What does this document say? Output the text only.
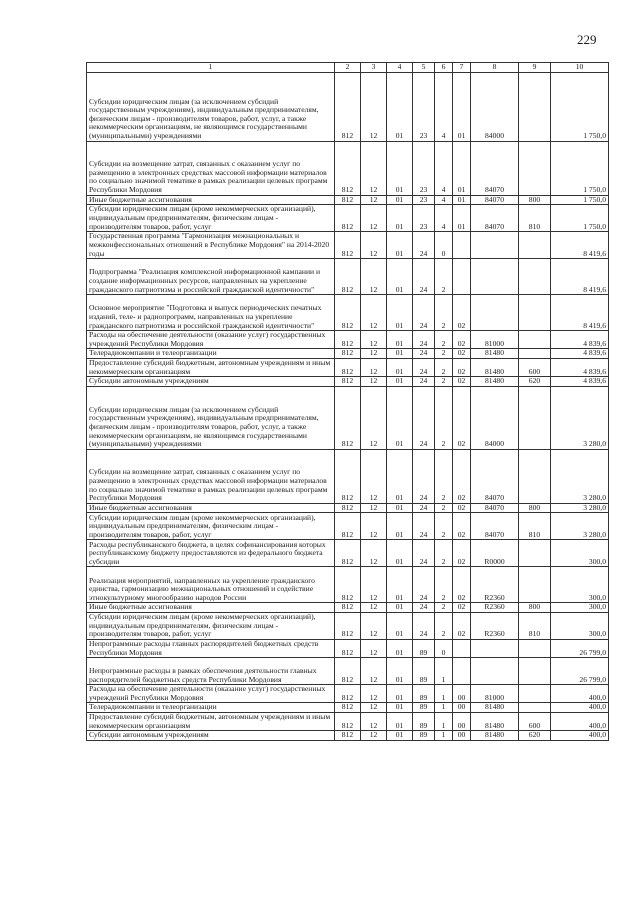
229
1	2	3	4	5	6	7	8	9	10
Субсидии юридическим лицам (за исключением субсидий государственным учреждениям), индивидуальным предпринимателям, физическим лицам - производителям товаров, работ, услуг, а также некоммерческим организациям, не являющимся государственными (муниципальными) учреждениями	812	12	01	23	4	01	84000		1 750,0
Субсидии на возмещение затрат, связанных с оказанием услуг по размещению в электронных средствах массовой информации материалов по социально значимой тематике в рамках реализации целевых программ Республики Мордовия	812	12	01	23	4	01	84070		1 750,0
Иные бюджетные ассигнования	812	12	01	23	4	01	84070	800	1 750,0
Субсидии юридическим лицам (кроме некоммерческих организаций), индивидуальным предпринимателям, физическим лицам - производителям товаров, работ, услуг	812	12	01	23	4	01	84070	810	1 750,0
Государственная программа "Гармонизация межнациональных и межконфессиональных отношений в Республике Мордовия" на 2014-2020 годы	812	12	01	24	0				8 419,6
Подпрограмма "Реализация комплексной информационной кампании и создание информационных ресурсов, направленных на укрепление гражданского патриотизма и российской гражданской идентичности"	812	12	01	24	2				8 419,6
Основное мероприятие "Подготовка и выпуск периодических печатных изданий, теле- и радиопрограмм, направленных на укрепление гражданского патриотизма и российской гражданской идентичности"	812	12	01	24	2	02			8 419,6
Расходы на обеспечение деятельности (оказание услуг) государственных учреждений Республики Мордовия	812	12	01	24	2	02	81000		4 839,6
Телерадиокомпании и телеорганизации	812	12	01	24	2	02	81480		4 839,6
Предоставление субсидий бюджетным, автономным учреждениям и иным некоммерческим организациям	812	12	01	24	2	02	81480	600	4 839,6
Субсидии автономным учреждениям	812	12	01	24	2	02	81480	620	4 839,6
Субсидии юридическим лицам (за исключением субсидий государственным учреждениям), индивидуальным предпринимателям, физическим лицам - производителям товаров, работ, услуг, а также некоммерческим организациям, не являющимся государственными (муниципальными) учреждениями	812	12	01	24	2	02	84000		3 280,0
Субсидии на возмещение затрат, связанных с оказанием услуг по размещению в электронных средствах массовой информации материалов по социально значимой тематике в рамках реализации целевых программ Республики Мордовия	812	12	01	24	2	02	84070		3 280,0
Иные бюджетные ассигнования	812	12	01	24	2	02	84070	800	3 280,0
Субсидии юридическим лицам (кроме некоммерческих организаций), индивидуальным предпринимателям, физическим лицам - производителям товаров, работ, услуг	812	12	01	24	2	02	84070	810	3 280,0
Расходы республиканского бюджета, в целях софинансирования которых республиканскому бюджету предоставляются из федерального бюджета субсидии	812	12	01	24	2	02	R0000		300,0
Реализация мероприятий, направленных на укрепление гражданского единства, гармонизацию межнациональных отношений и содействие этнокультурному многообразию народов России	812	12	01	24	2	02	R2360		300,0
Иные бюджетные ассигнования	812	12	01	24	2	02	R2360	800	300,0
Субсидии юридическим лицам (кроме некоммерческих организаций), индивидуальным предпринимателям, физическим лицам - производителям товаров, работ, услуг	812	12	01	24	2	02	R2360	810	300,0
Непрограммные расходы главных распорядителей бюджетных средств Республики Мордовия	812	12	01	89	0				26 799,0
Непрограммные расходы в рамках обеспечения деятельности главных распорядителей бюджетных средств Республики Мордовия	812	12	01	89	1				26 799,0
Расходы на обеспечение деятельности (оказание услуг) государственных учреждений Республики Мордовия	812	12	01	89	1	00	81000		400,0
Телерадиокомпании и телеорганизации	812	12	01	89	1	00	81480		400,0
Предоставление субсидий бюджетным, автономным учреждениям и иным некоммерческим организациям	812	12	01	89	1	00	81480	600	400,0
Субсидии автономным учреждениям	812	12	01	89	1	00	81480	620	400,0
